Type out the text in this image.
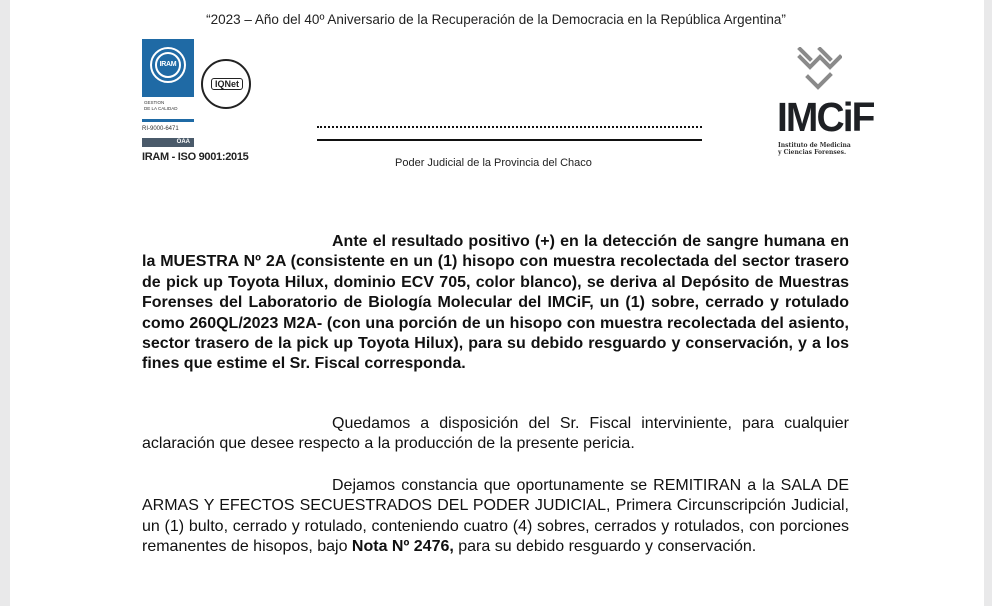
“2023 – Año del 40º Aniversario de la Recuperación de la Democracia en la República Argentina”
IRAM
GESTION
DE LA CALIDAD
RI-9000-6471
OAA
IRAM - ISO 9001:2015
IQNet
Poder Judicial de la Provincia del Chaco
IMCiF
Instituto de Medicina
y Ciencias Forenses.

Ante el resultado positivo (+) en la detección de sangre humana en la MUESTRA Nº 2A (consistente en un (1) hisopo con muestra recolectada del sector trasero de pick up Toyota Hilux, dominio ECV 705, color blanco), se deriva al Depósito de Muestras Forenses del Laboratorio de Biología Molecular del IMCiF, un (1) sobre, cerrado y rotulado como 260QL/2023 M2A- (con una porción de un hisopo con muestra recolectada del asiento, sector trasero de la pick up Toyota Hilux), para su debido resguardo y conservación, y a los fines que estime el Sr. Fiscal corresponda.

Quedamos a disposición del Sr. Fiscal interviniente, para cualquier aclaración que desee respecto a la producción de la presente pericia.

Dejamos constancia que oportunamente se REMITIRAN a la SALA DE ARMAS Y EFECTOS SECUESTRADOS DEL PODER JUDICIAL, Primera Circunscripción Judicial, un (1) bulto, cerrado y rotulado, conteniendo cuatro (4) sobres, cerrados y rotulados, con porciones remanentes de hisopos, bajo Nota Nº 2476, para su debido resguardo y conservación.
